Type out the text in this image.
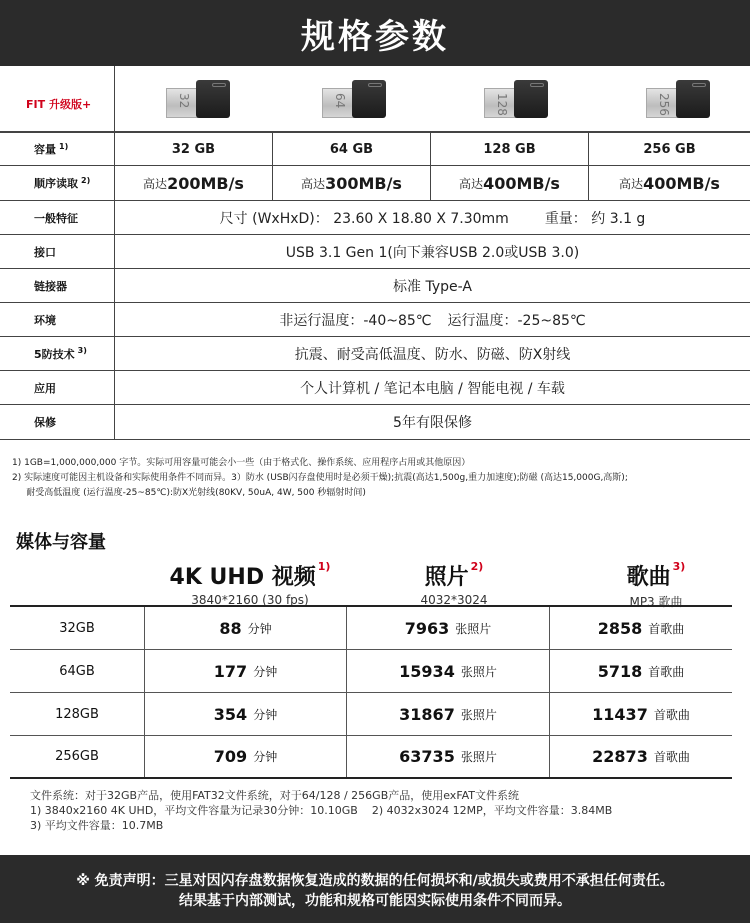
规格参数
FIT 升级版+	32	64	128	256
容量 $^{1)}$	32 GB	64 GB	128 GB	256 GB
顺序读取 $^{2)}$	高达 200MB/s	高达 300MB/s	高达 400MB/s	高达 400MB/s
一般特征	尺寸 (WxHxD)： 23.60 X 18.80 X 7.30mm	重量： 约 3.1 g
接口	USB 3.1 Gen 1(向下兼容USB 2.0或USB 3.0)
链接器	标准 Type-A
环境	非运行温度：-40~85℃ 运行温度：-25~85℃
5防技术 $^{3)}$	抗震、耐受高低温度、防水、防磁、防X射线
应用	个人计算机 / 笔记本电脑 / 智能电视 / 车载
保修	5年有限保修
1) 1GB=1,000,000,000 字节。实际可用容量可能会小一些（由于格式化、操作系统、应用程序占用或其他原因）
2) 实际速度可能因主机设备和实际使用条件不同而异。3）防水 (USB闪存盘使用时是必须干燥);抗震(高达1,500g,重力加速度);防磁 (高达15,000G,高斯);
耐受高低温度 (运行温度-25~85℃):防X光射线(80KV, 50uA, 4W, 500 秒辐射时间)
媒体与容量
4K UHD 视频 $^{1)}$
3840*2160 (30 fps)
照片 $^{2)}$
4032*3024
歌曲 $^{3)}$
MP3 歌曲
32GB	88 分钟	7963 张照片	2858 首歌曲
64GB	177 分钟	15934 张照片	5718 首歌曲
128GB	354 分钟	31867 张照片	11437 首歌曲
256GB	709 分钟	63735 张照片	22873 首歌曲
文件系统：对于32GB产品，使用FAT32文件系统，对于64/128 / 256GB产品，使用exFAT文件系统
1) 3840x2160 4K UHD，平均文件容量为记录30分钟：10.10GB 2) 4032x3024 12MP，平均文件容量：3.84MB
3) 平均文件容量：10.7MB
※ 免责声明：三星对因闪存盘数据恢复造成的数据的任何损坏和/或损失或费用不承担任何责任。
结果基于内部测试，功能和规格可能因实际使用条件不同而异。
